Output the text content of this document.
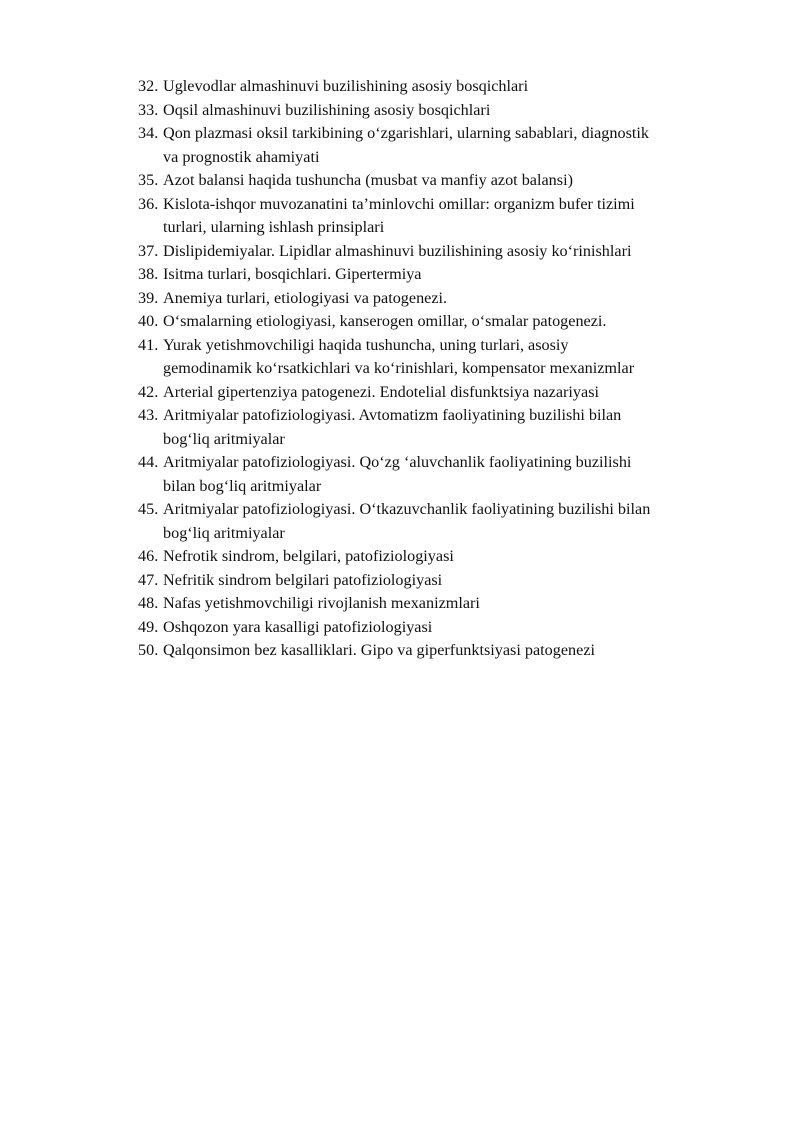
32. Uglevodlar almashinuvi buzilishining asosiy bosqichlari
33. Oqsil almashinuvi buzilishining asosiy bosqichlari
34. Qon plazmasi oksil tarkibining o‘zgarishlari, ularning sabablari, diagnostik
va prognostik ahamiyati
35. Azot balansi haqida tushuncha (musbat va manfiy azot balansi)
36. Kislota-ishqor muvozanatini ta’minlovchi omillar: organizm bufer tizimi
turlari, ularning ishlash prinsiplari
37. Dislipidemiyalar. Lipidlar almashinuvi buzilishining asosiy ko‘rinishlari
38. Isitma turlari, bosqichlari. Gipertermiya
39. Anemiya turlari, etiologiyasi va patogenezi.
40. O‘smalarning etiologiyasi, kanserogen omillar, o‘smalar patogenezi.
41. Yurak yetishmovchiligi haqida tushuncha, uning turlari, asosiy
gemodinamik ko‘rsatkichlari va ko‘rinishlari, kompensator mexanizmlar
42. Arterial gipertenziya patogenezi. Endotelial disfunktsiya nazariyasi
43. Aritmiyalar patofiziologiyasi. Avtomatizm faoliyatining buzilishi bilan
bog‘liq aritmiyalar
44. Aritmiyalar patofiziologiyasi. Qo‘zg ‘aluvchanlik faoliyatining buzilishi
bilan bog‘liq aritmiyalar
45. Aritmiyalar patofiziologiyasi. O‘tkazuvchanlik faoliyatining buzilishi bilan
bog‘liq aritmiyalar
46. Nefrotik sindrom, belgilari, patofiziologiyasi
47. Nefritik sindrom belgilari patofiziologiyasi
48. Nafas yetishmovchiligi rivojlanish mexanizmlari
49. Oshqozon yara kasalligi patofiziologiyasi
50. Qalqonsimon bez kasalliklari. Gipo va giperfunktsiyasi patogenezi
